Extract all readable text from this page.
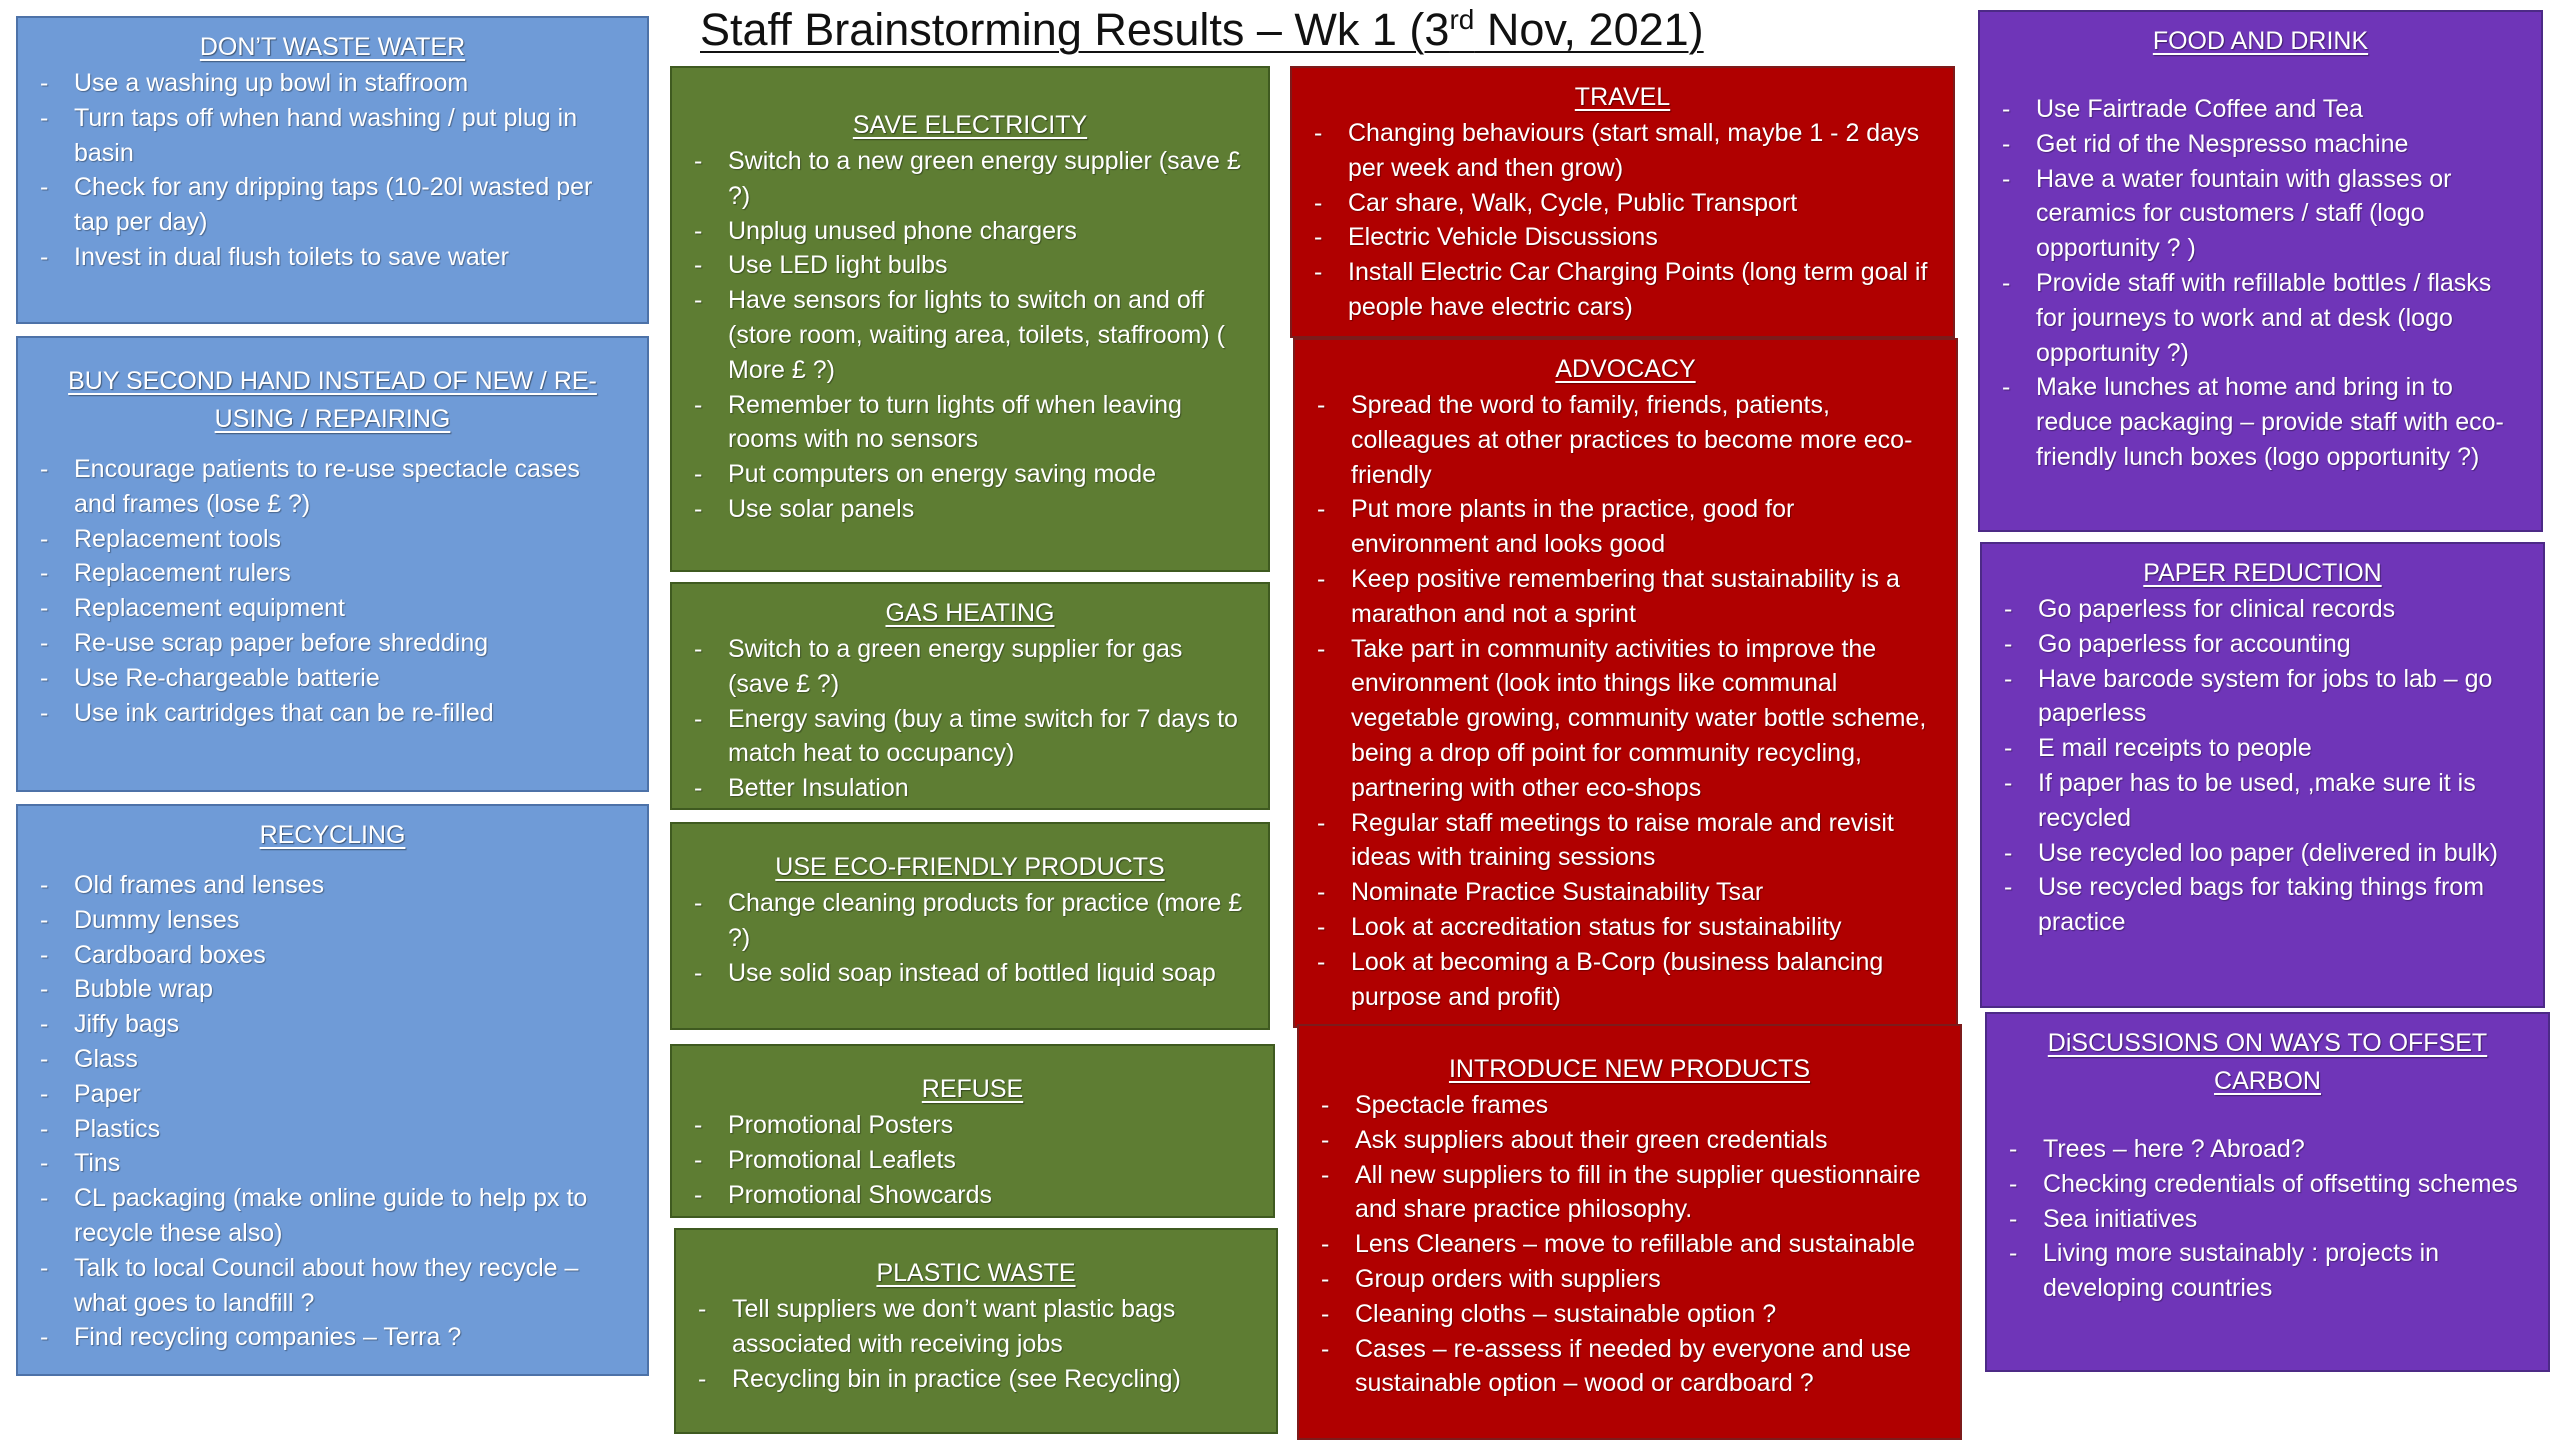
Staff Brainstorming Results – Wk 1 (3rd Nov, 2021)
DON’T WASTE WATER
- Use a washing up bowl in staffroom
- Turn taps off when hand washing / put plug in basin
- Check for any dripping taps (10-20l wasted per tap per day)
- Invest in dual flush toilets to save water
BUY SECOND HAND INSTEAD OF NEW / RE-USING / REPAIRING
- Encourage patients to re-use spectacle cases and frames (lose £ ?)
- Replacement tools
- Replacement rulers
- Replacement equipment
- Re-use scrap paper before shredding
- Use Re-chargeable batterie
- Use ink cartridges that can be re-filled
RECYCLING
- Old frames and lenses
- Dummy lenses
- Cardboard boxes
- Bubble wrap
- Jiffy bags
- Glass
- Paper
- Plastics
- Tins
- CL packaging (make online guide to help px to recycle these also)
- Talk to local Council about how they recycle – what goes to landfill ?
- Find recycling companies – Terra ?
SAVE ELECTRICITY
- Switch to a new green energy supplier (save £ ?)
- Unplug unused phone chargers
- Use LED light bulbs
- Have sensors for lights to switch on and off (store room, waiting area, toilets, staffroom) ( More £ ?)
- Remember to turn lights off when leaving rooms with no sensors
- Put computers on energy saving mode
- Use solar panels
GAS HEATING
- Switch to a green energy supplier for gas (save £ ?)
- Energy saving (buy a time switch for 7 days to match heat to occupancy)
- Better Insulation
USE ECO-FRIENDLY PRODUCTS
- Change cleaning products for practice (more £ ?)
- Use solid soap instead of bottled liquid soap
REFUSE
- Promotional Posters
- Promotional Leaflets
- Promotional Showcards
PLASTIC WASTE
- Tell suppliers we don’t want plastic bags associated with receiving jobs
- Recycling bin in practice (see Recycling)
TRAVEL
- Changing behaviours (start small, maybe 1 - 2 days per week and then grow)
- Car share, Walk, Cycle, Public Transport
- Electric Vehicle Discussions
- Install Electric Car Charging Points (long term goal if people have electric cars)
ADVOCACY
- Spread the word to family, friends, patients, colleagues at other practices to become more eco-friendly
- Put more plants in the practice, good for environment and looks good
- Keep positive remembering that sustainability is a marathon and not a sprint
- Take part in community activities to improve the environment (look into things like communal vegetable growing, community water bottle scheme, being a drop off point for community recycling, partnering with other eco-shops
- Regular staff meetings to raise morale and revisit ideas with training sessions
- Nominate Practice Sustainability Tsar
- Look at accreditation status for sustainability
- Look at becoming a B-Corp (business balancing purpose and profit)
INTRODUCE NEW PRODUCTS
- Spectacle frames
- Ask suppliers about their green credentials
- All new suppliers to fill in the supplier questionnaire and share practice philosophy.
- Lens Cleaners – move to refillable and sustainable
- Group orders with suppliers
- Cleaning cloths – sustainable option ?
- Cases – re-assess if needed by everyone and use sustainable option – wood or cardboard ?
FOOD AND DRINK
- Use Fairtrade Coffee and Tea
- Get rid of the Nespresso machine
- Have a water fountain with glasses or ceramics for customers / staff (logo opportunity ? )
- Provide staff with refillable bottles / flasks for journeys to work and at desk (logo opportunity ?)
- Make lunches at home and bring in to reduce packaging – provide staff with eco-friendly lunch boxes (logo opportunity ?)
PAPER REDUCTION
- Go paperless for clinical records
- Go paperless for accounting
- Have barcode system for jobs to lab – go paperless
- E mail receipts to people
- If paper has to be used, ,make sure it is recycled
- Use recycled loo paper (delivered in bulk)
- Use recycled bags for taking things from practice
DiSCUSSIONS ON WAYS TO OFFSET CARBON
- Trees – here ? Abroad?
- Checking credentials of offsetting schemes
- Sea initiatives
- Living more sustainably : projects in developing countries
